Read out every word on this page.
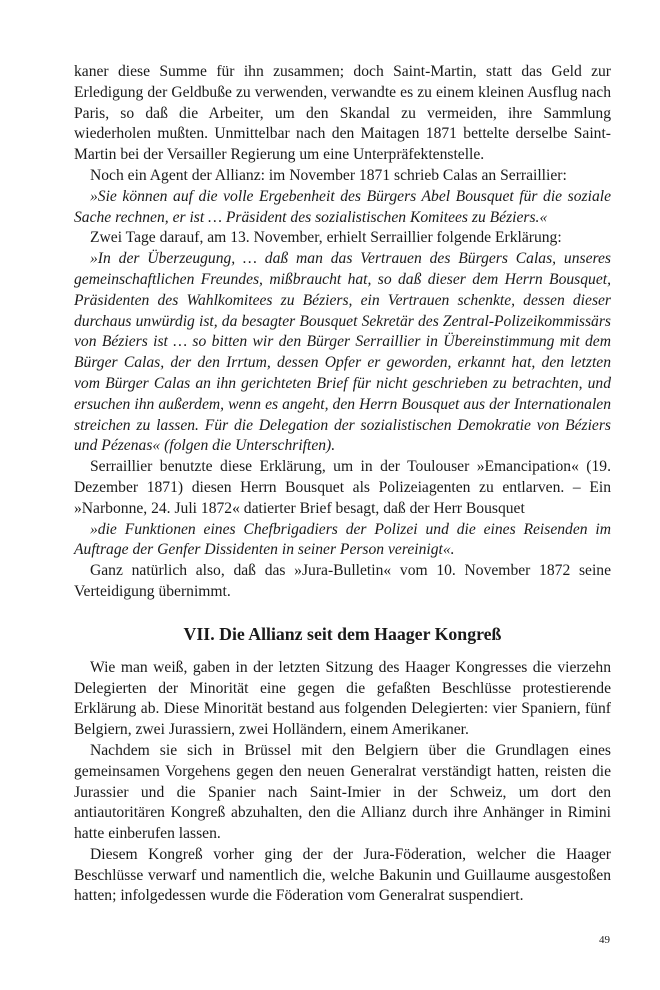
kaner diese Summe für ihn zusammen; doch Saint-Martin, statt das Geld zur Erledigung der Geldbuße zu verwenden, verwandte es zu einem kleinen Ausflug nach Paris, so daß die Arbeiter, um den Skandal zu vermeiden, ihre Sammlung wiederholen mußten. Unmittelbar nach den Maitagen 1871 bettelte derselbe Saint-Martin bei der Versailler Regierung um eine Unterpräfektenstelle.

Noch ein Agent der Allianz: im November 1871 schrieb Calas an Serraillier:

»Sie können auf die volle Ergebenheit des Bürgers Abel Bousquet für die soziale Sache rechnen, er ist … Präsident des sozialistischen Komitees zu Béziers.«

Zwei Tage darauf, am 13. November, erhielt Serraillier folgende Erklärung:

»In der Überzeugung, … daß man das Vertrauen des Bürgers Calas, unseres gemeinschaftlichen Freundes, mißbraucht hat, so daß dieser dem Herrn Bousquet, Präsidenten des Wahlkomitees zu Béziers, ein Vertrauen schenkte, dessen dieser durchaus unwürdig ist, da besagter Bousquet Sekretär des Zentral-Polizeikommissärs von Béziers ist … so bitten wir den Bürger Serraillier in Übereinstimmung mit dem Bürger Calas, der den Irrtum, dessen Opfer er geworden, erkannt hat, den letzten vom Bürger Calas an ihn gerichteten Brief für nicht geschrieben zu betrachten, und ersuchen ihn außerdem, wenn es angeht, den Herrn Bousquet aus der Internationalen streichen zu lassen. Für die Delegation der sozialistischen Demokratie von Béziers und Pézenas« (folgen die Unterschriften).

Serraillier benutzte diese Erklärung, um in der Toulouser »Emancipation« (19. Dezember 1871) diesen Herrn Bousquet als Polizeiagenten zu entlarven. – Ein »Narbonne, 24. Juli 1872« datierter Brief besagt, daß der Herr Bousquet

»die Funktionen eines Chefbrigadiers der Polizei und die eines Reisenden im Auftrage der Genfer Dissidenten in seiner Person vereinigt«.

Ganz natürlich also, daß das »Jura-Bulletin« vom 10. November 1872 seine Verteidigung übernimmt.

VII. Die Allianz seit dem Haager Kongreß

Wie man weiß, gaben in der letzten Sitzung des Haager Kongresses die vierzehn Delegierten der Minorität eine gegen die gefaßten Beschlüsse protestierende Erklärung ab. Diese Minorität bestand aus folgenden Delegierten: vier Spaniern, fünf Belgiern, zwei Jurassiern, zwei Holländern, einem Amerikaner.

Nachdem sie sich in Brüssel mit den Belgiern über die Grundlagen eines gemeinsamen Vorgehens gegen den neuen Generalrat verständigt hatten, reisten die Jurassier und die Spanier nach Saint-Imier in der Schweiz, um dort den antiautoritären Kongreß abzuhalten, den die Allianz durch ihre Anhänger in Rimini hatte einberufen lassen.

Diesem Kongreß vorher ging der der Jura-Föderation, welcher die Haager Beschlüsse verwarf und namentlich die, welche Bakunin und Guillaume ausgestoßen hatten; infolgedessen wurde die Föderation vom Generalrat suspendiert.

49
